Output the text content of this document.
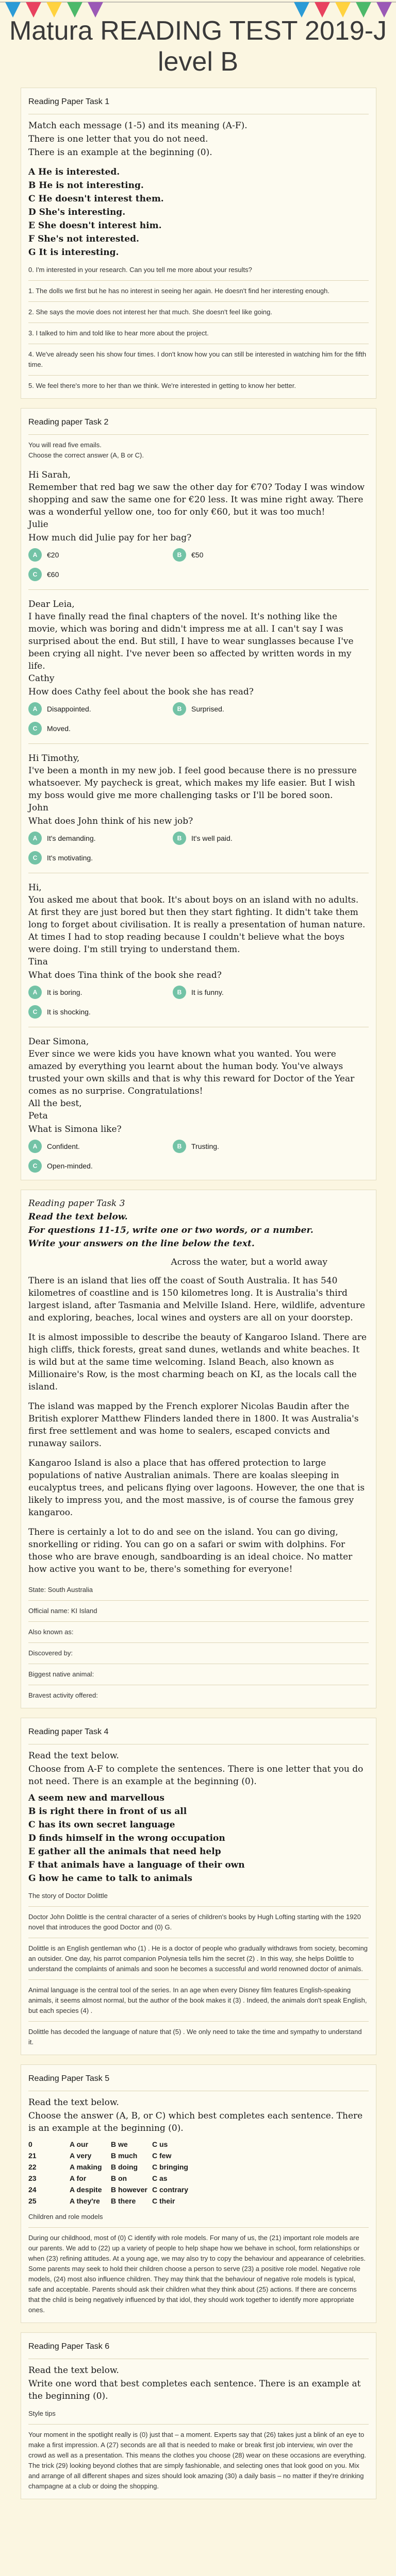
Matura READING TEST 2019-J level B
Reading Paper Task 1
Match each message (1-5) and its meaning (A-F).
There is one letter that you do not need.
There is an example at the beginning (0).
A He is interested.
B He is not interesting.
C He doesn't interest them.
D She's interesting.
E She doesn't interest him.
F She's not interested.
G It is interesting.
0. I'm interested in your research. Can you tell me more about your results?
1. The dolls we first but he has no interest in seeing her again. He doesn't find her interesting enough.
2. She says the movie does not interest her that much. She doesn't feel like going.
3. I talked to him and told like to hear more about the project.
4. We've already seen his show four times. I don't know how you can still be interested in watching him for the fifth time.
5. We feel there's more to her than we think. We're interested in getting to know her better.
Reading paper Task 2
You will read five emails.
Choose the correct answer (A, B or C).
Hi Sarah,
Remember that red bag we saw the other day for €70? Today I was window shopping and saw the same one for €20 less. It was mine right away. There was a wonderful yellow one, too for only €60, but it was too much!
Julie
How much did Julie pay for her bag?
A	€20	B	€50
C	€60
Dear Leia,
I have finally read the final chapters of the novel. It's nothing like the movie, which was boring and didn't impress me at all. I can't say I was surprised about the end. But still, I have to wear sunglasses because I've been crying all night. I've never been so affected by written words in my life.
Cathy
How does Cathy feel about the book she has read?
A	Disappointed.	B	Surprised.
C	Moved.
Hi Timothy,
I've been a month in my new job. I feel good because there is no pressure whatsoever. My paycheck is great, which makes my life easier. But I wish my boss would give me more challenging tasks or I'll be bored soon.
John
What does John think of his new job?
A	It's demanding.	B	It's well paid.
C	It's motivating.
Hi,
You asked me about that book. It's about boys on an island with no adults. At first they are just bored but then they start fighting. It didn't take them long to forget about civilisation. It is really a presentation of human nature. At times I had to stop reading because I couldn't believe what the boys were doing. I'm still trying to understand them.
Tina
What does Tina think of the book she read?
A	It is boring.	B	It is funny.
C	It is shocking.
Dear Simona,
Ever since we were kids you have known what you wanted. You were amazed by everything you learnt about the human body. You've always trusted your own skills and that is why this reward for Doctor of the Year comes as no surprise. Congratulations!
All the best,
Peta
What is Simona like?
A	Confident.	B	Trusting.
C	Open-minded.
Reading paper Task 3
Read the text below.
For questions 11-15, write one or two words, or a number.
Write your answers on the line below the text.
Across the water, but a world away
There is an island that lies off the coast of South Australia. It has 540 kilometres of coastline and is 150 kilometres long. It is Australia's third largest island, after Tasmania and Melville Island. Here, wildlife, adventure and exploring, beaches, local wines and oysters are all on your doorstep.
It is almost impossible to describe the beauty of Kangaroo Island. There are high cliffs, thick forests, great sand dunes, wetlands and white beaches. It is wild but at the same time welcoming. Island Beach, also known as Millionaire's Row, is the most charming beach on KI, as the locals call the island.
The island was mapped by the French explorer Nicolas Baudin after the British explorer Matthew Flinders landed there in 1800. It was Australia's first free settlement and was home to sealers, escaped convicts and runaway sailors.
Kangaroo Island is also a place that has offered protection to large populations of native Australian animals. There are koalas sleeping in eucalyptus trees, and pelicans flying over lagoons. However, the one that is likely to impress you, and the most massive, is of course the famous grey kangaroo.
There is certainly a lot to do and see on the island. You can go diving, snorkelling or riding. You can go on a safari or swim with dolphins. For those who are brave enough, sandboarding is an ideal choice. No matter how active you want to be, there's something for everyone!
State: South Australia
Official name: KI Island
Also known as:
Discovered by:
Biggest native animal:
Bravest activity offered:
Reading paper Task 4
Read the text below.
Choose from A-F to complete the sentences. There is one letter that you do not need. There is an example at the beginning (0).
A seem new and marvellous
B is right there in front of us all
C has its own secret language
D finds himself in the wrong occupation
E gather all the animals that need help
F that animals have a language of their own
G how he came to talk to animals
The story of Doctor Dolittle
Doctor John Dolittle is the central character of a series of children's books by Hugh Lofting starting with the 1920 novel that introduces the good Doctor and (0) G.
Dolittle is an English gentleman who (1) . He is a doctor of people who gradually withdraws from society, becoming an outsider. One day, his parrot companion Polynesia tells him the secret (2) . In this way, she helps Dolittle to understand the complaints of animals and soon he becomes a successful and world renowned doctor of animals.
Animal language is the central tool of the series. In an age when every Disney film features English-speaking animals, it seems almost normal, but the author of the book makes it (3) . Indeed, the animals don't speak English, but each species (4) .
Dolittle has decoded the language of nature that (5) . We only need to take the time and sympathy to understand it.
Reading Paper Task 5
Read the text below.
Choose the answer (A, B, or C) which best completes each sentence. There is an example at the beginning (0).
0	A our	B we	C us
21	A very	B much	C few
22	A making	B doing	C bringing
23	A for	B on	C as
24	A despite	B however C contrary
25	A they're	B there	C their
Children and role models
During our childhood, most of (0) C identify with role models. For many of us, the (21) important role models are our parents. We add to (22) up a variety of people to help shape how we behave in school, form relationships or when (23) refining attitudes. At a young age, we may also try to copy the behaviour and appearance of celebrities. Some parents may seek to hold their children choose a person to serve (23) a positive role model. Negative role models, (24) most also influence children. They may think that the behaviour of negative role models is typical, safe and acceptable. Parents should ask their children what they think about (25) actions. If there are concerns that the child is being negatively influenced by that idol, they should work together to identify more appropriate ones.
Reading Paper Task 6
Read the text below.
Write one word that best completes each sentence. There is an example at the beginning (0).
Style tips
Your moment in the spotlight really is (0) just that – a moment. Experts say that (26) takes just a blink of an eye to make a first impression. A (27) seconds are all that is needed to make or break first job interview, win over the crowd as well as a presentation. This means the clothes you choose (28) wear on these occasions are everything. The trick (29) looking beyond clothes that are simply fashionable, and selecting ones that look good on you. Mix and arrange of all different shapes and sizes should look amazing (30) a daily basis – no matter if they're drinking champagne at a club or doing the shopping.
